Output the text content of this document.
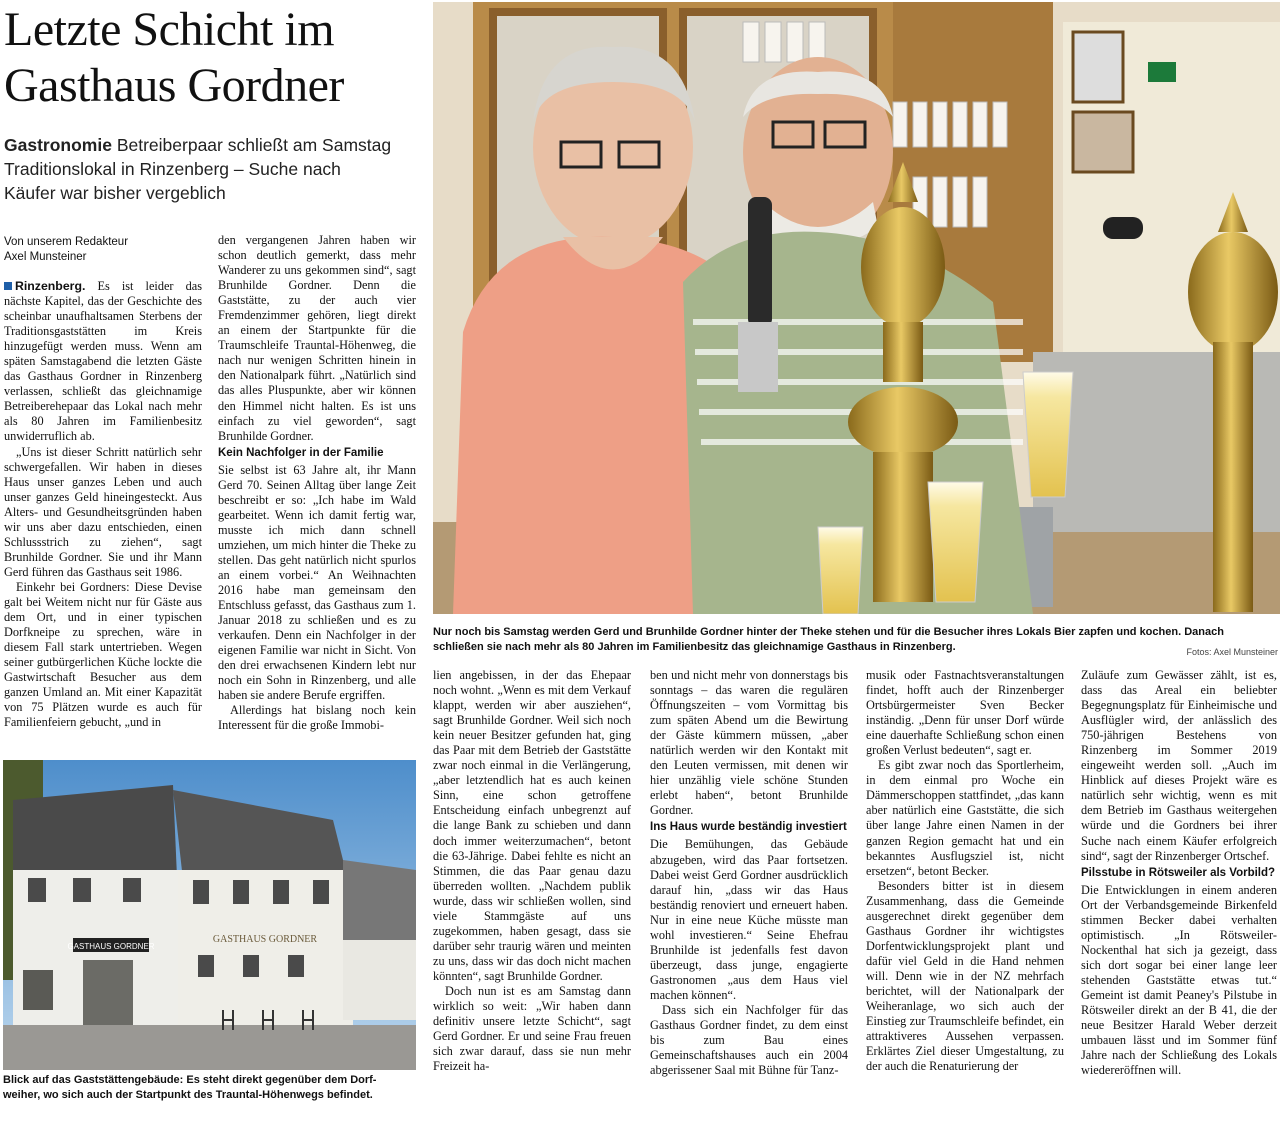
Letzte Schicht im
Gasthaus Gordner
Gastronomie Betreiberpaar schließt am Samstag
Traditionslokal in Rinzenberg – Suche nach
Käufer war bisher vergeblich
Von unserem Redakteur
Axel Munsteiner

Rinzenberg. Es ist leider das nächste Kapitel, das der Geschichte des scheinbar unaufhaltsamen Sterbens der Traditionsgaststätten im Kreis hinzugefügt werden muss. Wenn am späten Samstagabend die letzten Gäste das Gasthaus Gordner in Rinzenberg verlassen, schließt das gleichnamige Betreiberehepaar das Lokal nach mehr als 80 Jahren im Familienbesitz unwiderruflich ab.

„Uns ist dieser Schritt natürlich sehr schwergefallen. Wir haben in dieses Haus unser ganzes Leben und auch unser ganzes Geld hineingesteckt. Aus Alters- und Gesundheitsgründen haben wir uns aber dazu entschieden, einen Schlussstrich zu ziehen“, sagt Brunhilde Gordner. Sie und ihr Mann Gerd führen das Gasthaus seit 1986.

Einkehr bei Gordners: Diese Devise galt bei Weitem nicht nur für Gäste aus dem Ort, und in einer typischen Dorfkneipe zu sprechen, wäre in diesem Fall stark untertrieben. Wegen seiner gutbürgerlichen Küche lockte die Gastwirtschaft Besucher aus dem ganzen Umland an. Mit einer Kapazität von 75 Plätzen wurde es auch für Familienfeiern gebucht, „und in

den vergangenen Jahren haben wir schon deutlich gemerkt, dass mehr Wanderer zu uns gekommen sind“, sagt Brunhilde Gordner. Denn die Gaststätte, zu der auch vier Fremdenzimmer gehören, liegt direkt an einem der Startpunkte für die Traumschleife Trauntal-Höhenweg, die nach nur wenigen Schritten hinein in den Nationalpark führt. „Natürlich sind das alles Pluspunkte, aber wir können den Himmel nicht halten. Es ist uns einfach zu viel geworden“, sagt Brunhilde Gordner.

Kein Nachfolger in der Familie

Sie selbst ist 63 Jahre alt, ihr Mann Gerd 70. Seinen Alltag über lange Zeit beschreibt er so: „Ich habe im Wald gearbeitet. Wenn ich damit fertig war, musste ich mich dann schnell umziehen, um mich hinter die Theke zu stellen. Das geht natürlich nicht spurlos an einem vorbei.“ An Weihnachten 2016 habe man gemeinsam den Entschluss gefasst, das Gasthaus zum 1. Januar 2018 zu schließen und es zu verkaufen. Denn ein Nachfolger in der eigenen Familie war nicht in Sicht. Von den drei erwachsenen Kindern lebt nur noch ein Sohn in Rinzenberg, und alle haben sie andere Berufe ergriffen.

Allerdings hat bislang noch kein Interessent für die große Immobi-

Nur noch bis Samstag werden Gerd und Brunhilde Gordner hinter der Theke stehen und für die Besucher ihres Lokals Bier zapfen und kochen. Danach
schließen sie nach mehr als 80 Jahren im Familienbesitz das gleichnamige Gasthaus in Rinzenberg.	Fotos: Axel Munsteiner
GASTHAUS GORDNER
GASTHAUS GORDNER
Blick auf das Gaststättengebäude: Es steht direkt gegenüber dem Dorf-
weiher, wo sich auch der Startpunkt des Trauntal-Höhenwegs befindet.

lien angebissen, in der das Ehepaar noch wohnt. „Wenn es mit dem Verkauf klappt, werden wir aber ausziehen“, sagt Brunhilde Gordner. Weil sich noch kein neuer Besitzer gefunden hat, ging das Paar mit dem Betrieb der Gaststätte zwar noch einmal in die Verlängerung, „aber letztendlich hat es auch keinen Sinn, eine schon getroffene Entscheidung einfach unbegrenzt auf die lange Bank zu schieben und dann doch immer weiterzumachen“, betont die 63-Jährige. Dabei fehlte es nicht an Stimmen, die das Paar genau dazu überreden wollten. „Nachdem publik wurde, dass wir schließen wollen, sind viele Stammgäste auf uns zugekommen, haben gesagt, dass sie darüber sehr traurig wären und meinten zu uns, dass wir das doch nicht machen könnten“, sagt Brunhilde Gordner.

Doch nun ist es am Samstag dann wirklich so weit: „Wir haben dann definitiv unsere letzte Schicht“, sagt Gerd Gordner. Er und seine Frau freuen sich zwar darauf, dass sie nun mehr Freizeit ha-

ben und nicht mehr von donnerstags bis sonntags – das waren die regulären Öffnungszeiten – vom Vormittag bis zum späten Abend um die Bewirtung der Gäste kümmern müssen, „aber natürlich werden wir den Kontakt mit den Leuten vermissen, mit denen wir hier unzählig viele schöne Stunden erlebt haben“, betont Brunhilde Gordner.

Ins Haus wurde beständig investiert

Die Bemühungen, das Gebäude abzugeben, wird das Paar fortsetzen. Dabei weist Gerd Gordner ausdrücklich darauf hin, „dass wir das Haus beständig renoviert und erneuert haben. Nur in eine neue Küche müsste man wohl investieren.“ Seine Ehefrau Brunhilde ist jedenfalls fest davon überzeugt, dass junge, engagierte Gastronomen „aus dem Haus viel machen können“.

Dass sich ein Nachfolger für das Gasthaus Gordner findet, zu dem einst bis zum Bau eines Gemeinschaftshauses auch ein 2004 abgerissener Saal mit Bühne für Tanz-

musik oder Fastnachtsveranstaltungen findet, hofft auch der Rinzenberger Ortsbürgermeister Sven Becker inständig. „Denn für unser Dorf würde eine dauerhafte Schließung schon einen großen Verlust bedeuten“, sagt er.

Es gibt zwar noch das Sportlerheim, in dem einmal pro Woche ein Dämmerschoppen stattfindet, „das kann aber natürlich eine Gaststätte, die sich über lange Jahre einen Namen in der ganzen Region gemacht hat und ein bekanntes Ausflugsziel ist, nicht ersetzen“, betont Becker.

Besonders bitter ist in diesem Zusammenhang, dass die Gemeinde ausgerechnet direkt gegenüber dem Gasthaus Gordner ihr wichtigstes Dorfentwicklungsprojekt plant und dafür viel Geld in die Hand nehmen will. Denn wie in der NZ mehrfach berichtet, will der Nationalpark der Weiheranlage, wo sich auch der Einstieg zur Traumschleife befindet, ein attraktiveres Aussehen verpassen. Erklärtes Ziel dieser Umgestaltung, zu der auch die Renaturierung der

Zuläufe zum Gewässer zählt, ist es, dass das Areal ein beliebter Begegnungsplatz für Einheimische und Ausflügler wird, der anlässlich des 750-jährigen Bestehens von Rinzenberg im Sommer 2019 eingeweiht werden soll. „Auch im Hinblick auf dieses Projekt wäre es natürlich sehr wichtig, wenn es mit dem Betrieb im Gasthaus weitergehen würde und die Gordners bei ihrer Suche nach einem Käufer erfolgreich sind“, sagt der Rinzenberger Ortschef.

Pilsstube in Rötsweiler als Vorbild?

Die Entwicklungen in einem anderen Ort der Verbandsgemeinde Birkenfeld stimmen Becker dabei verhalten optimistisch. „In Rötsweiler-Nockenthal hat sich ja gezeigt, dass sich dort sogar bei einer lange leer stehenden Gaststätte etwas tut.“ Gemeint ist damit Peaney's Pilstube in Rötsweiler direkt an der B 41, die der neue Besitzer Harald Weber derzeit umbauen lässt und im Sommer fünf Jahre nach der Schließung des Lokals wiedereröffnen will.
